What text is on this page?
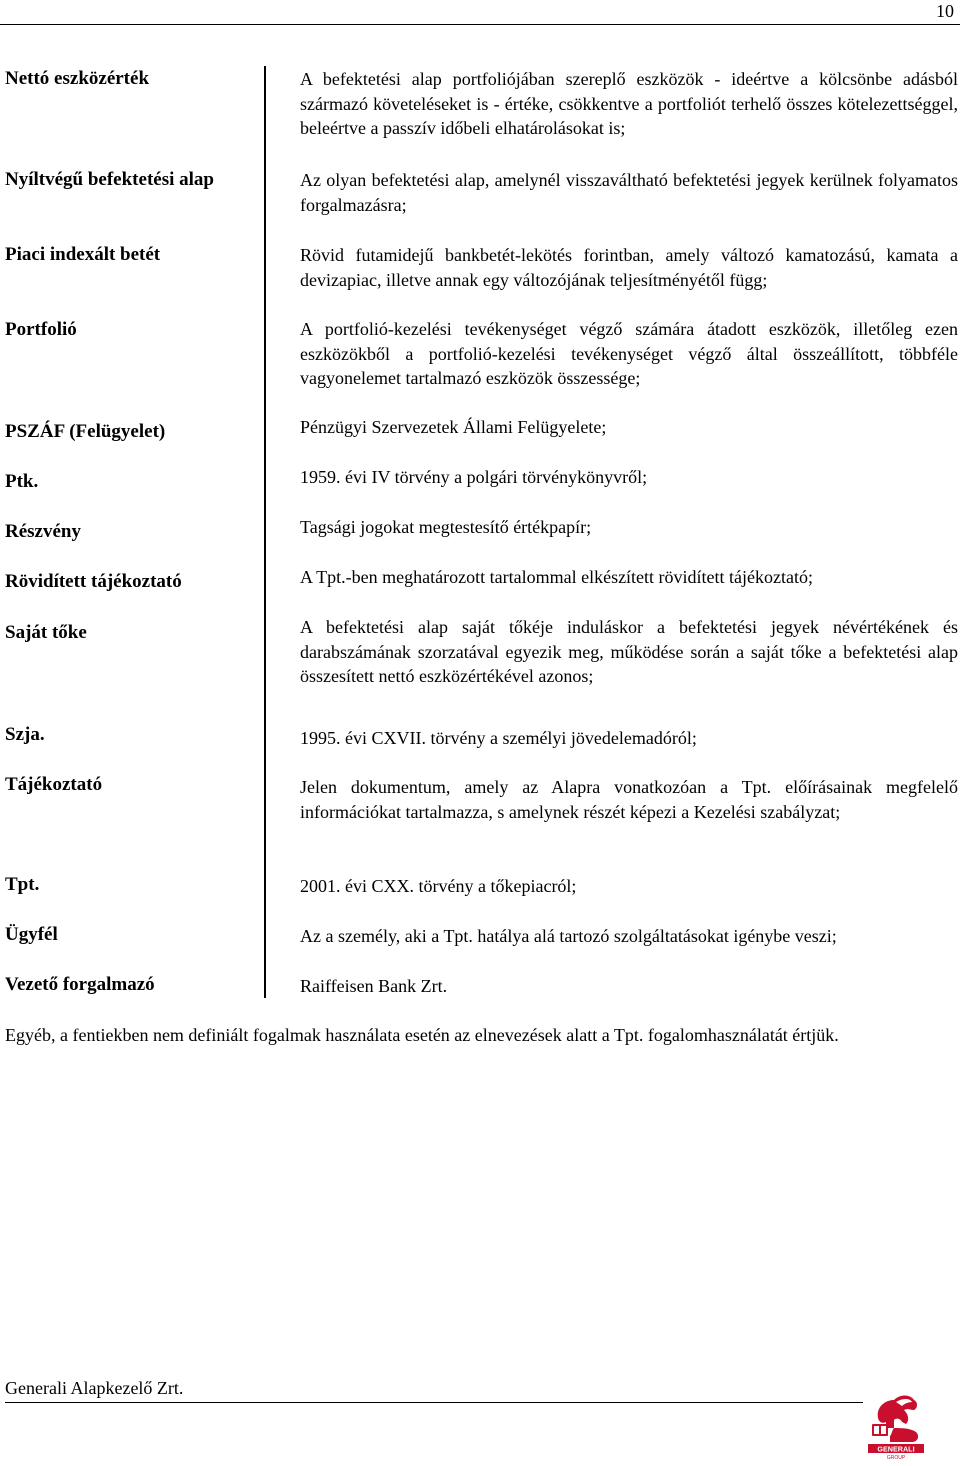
10
Nettó eszközérték
Nyíltvégű befektetési alap
Piaci indexált betét
Portfolió
PSZÁF (Felügyelet)
Ptk.
Részvény
Rövidített tájékoztató
Saját tőke
Szja.
Tájékoztató
Tpt.
Ügyfél
Vezető forgalmazó
A befektetési alap portfoliójában szereplő eszközök - ideértve a kölcsönbe adásból származó követeléseket is - értéke, csökkentve a portfoliót terhelő összes kötelezettséggel, beleértve a passzív időbeli elhatárolásokat is;
Az olyan befektetési alap, amelynél visszaváltható befektetési jegyek kerülnek folyamatos forgalmazásra;
Rövid futamidejű bankbetét-lekötés forintban, amely változó kamatozású, kamata a devizapiac, illetve annak egy változójának teljesítményétől függ;
A portfolió-kezelési tevékenységet végző számára átadott eszközök, illetőleg ezen eszközökből a portfolió-kezelési tevékenységet végző által összeállított, többféle vagyonelemet tartalmazó eszközök összessége;
Pénzügyi Szervezetek Állami Felügyelete;
1959. évi IV törvény a polgári törvénykönyvről;
Tagsági jogokat megtestesítő értékpapír;
A Tpt.-ben meghatározott tartalommal elkészített rövidített tájékoztató;
A befektetési alap saját tőkéje induláskor a befektetési jegyek névértékének és darabszámának szorzatával egyezik meg, működése során a saját tőke a befektetési alap összesített nettó eszközértékével azonos;
1995. évi CXVII. törvény a személyi jövedelemadóról;
Jelen dokumentum, amely az Alapra vonatkozóan a Tpt. előírásainak megfelelő információkat tartalmazza, s amelynek részét képezi a Kezelési szabályzat;
2001. évi CXX. törvény a tőkepiacról;
Az a személy, aki a Tpt. hatálya alá tartozó szolgáltatásokat igénybe veszi;
Raiffeisen Bank Zrt.
Egyéb, a fentiekben nem definiált fogalmak használata esetén az elnevezések alatt a Tpt. fogalomhasználatát értjük.
Generali Alapkezelő Zrt.
GENERALI
GROUP
